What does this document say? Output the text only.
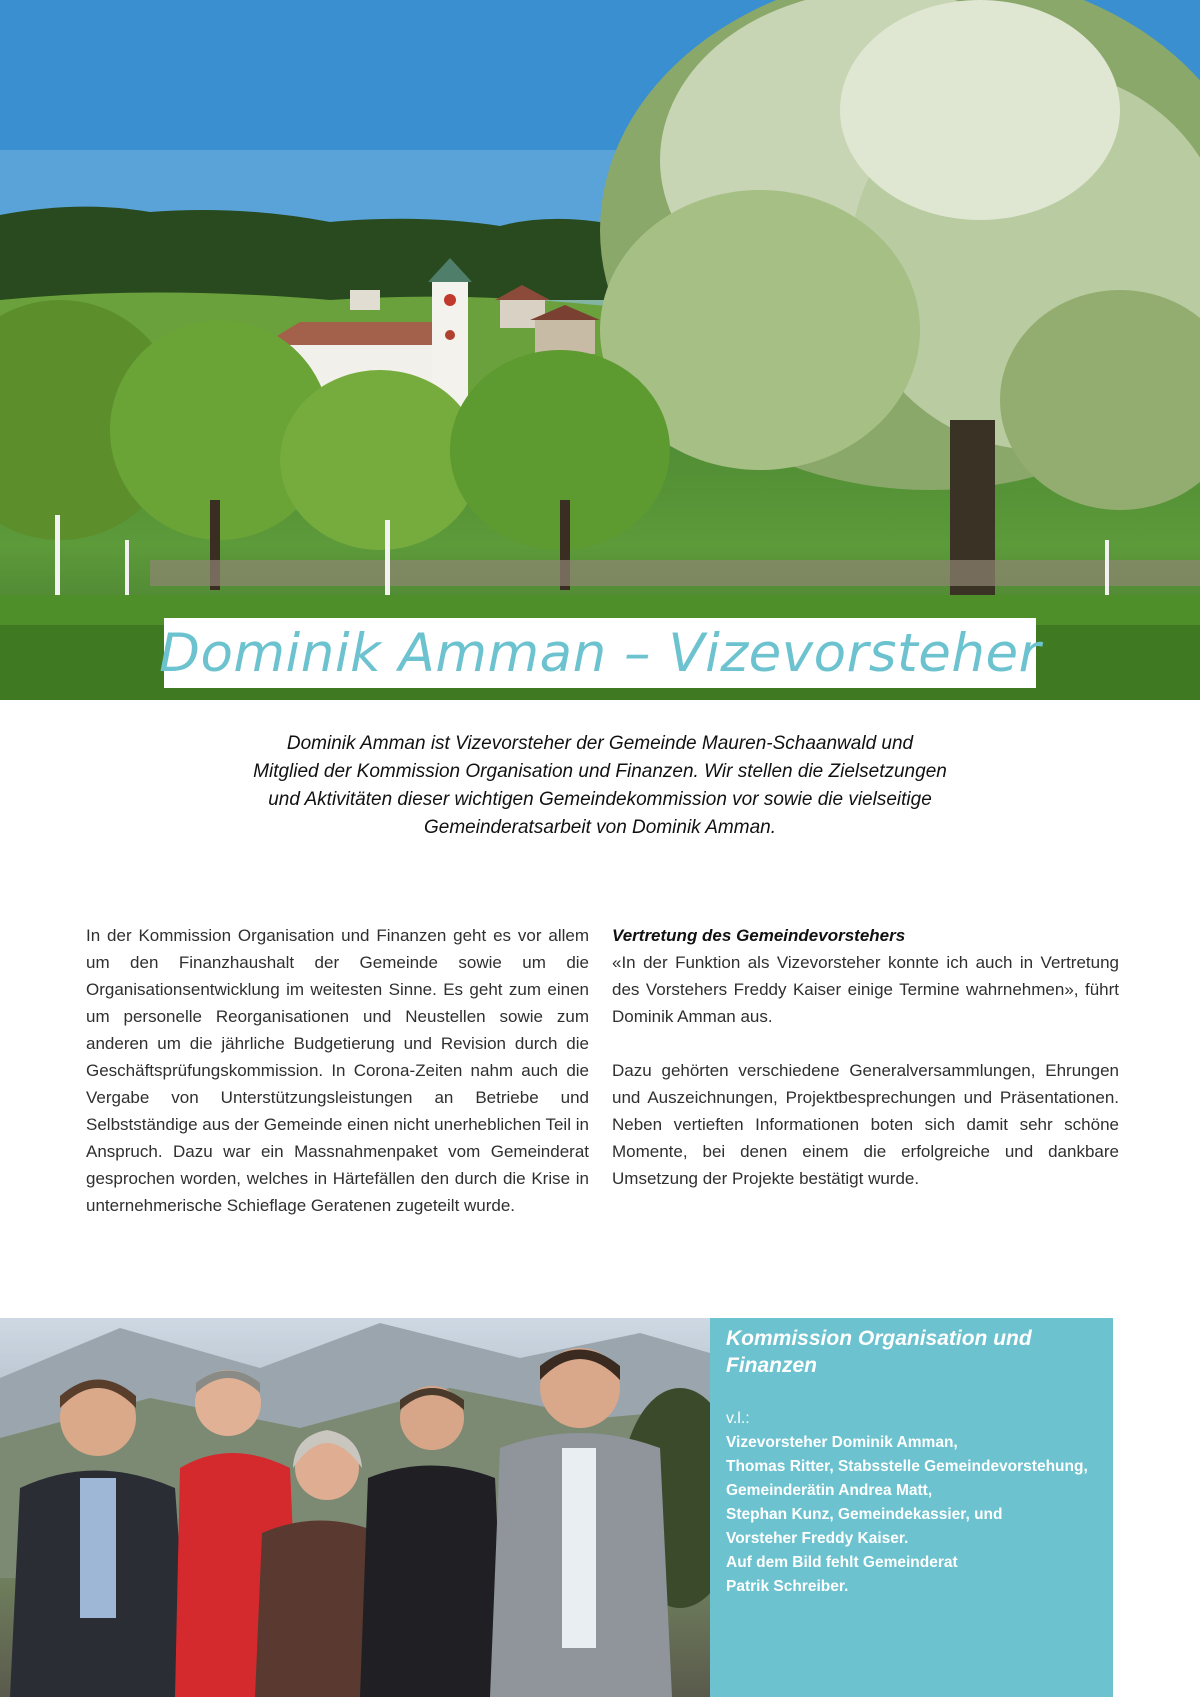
Dominik Amman – Vizevorsteher
Dominik Amman ist Vizevorsteher der Gemeinde Mauren-Schaanwald und
Mitglied der Kommission Organisation und Finanzen. Wir stellen die Zielsetzungen
und Aktivitäten dieser wichtigen Gemeindekommission vor sowie die vielseitige
Gemeinderatsarbeit von Dominik Amman.

In der Kommission Organisation und Finanzen geht es vor allem um den Finanzhaushalt der Gemeinde sowie um die Organisationsentwicklung im weitesten Sinne. Es geht zum einen um personelle Reorganisationen und Neustellen sowie zum anderen um die jährliche Budgetierung und Revision durch die Geschäftsprüfungskommission. In Corona-Zeiten nahm auch die Vergabe von Unterstützungsleistungen an Betriebe und Selbstständige aus der Gemeinde einen nicht unerheblichen Teil in Anspruch. Dazu war ein Massnahmenpaket vom Gemeinderat gesprochen worden, welches in Härtefällen den durch die Krise in unternehmerische Schieflage Geratenen zugeteilt wurde.

Vertretung des Gemeindevorstehers

«In der Funktion als Vizevorsteher konnte ich auch in Vertretung des Vorstehers Freddy Kaiser einige Termine wahrnehmen», führt Dominik Amman aus.

Dazu gehörten verschiedene Generalversammlungen, Ehrungen und Auszeichnungen, Projektbesprechungen und Präsentationen. Neben vertieften Informationen boten sich damit sehr schöne Momente, bei denen einem die erfolgreiche und dankbare Umsetzung der Projekte bestätigt wurde.

Kommission Organisation und Finanzen

v.l.:
Vizevorsteher Dominik Amman,
Thomas Ritter, Stabsstelle Gemeindevorstehung,
Gemeinderätin Andrea Matt,
Stephan Kunz, Gemeindekassier, und
Vorsteher Freddy Kaiser.
Auf dem Bild fehlt Gemeinderat
Patrik Schreiber.
